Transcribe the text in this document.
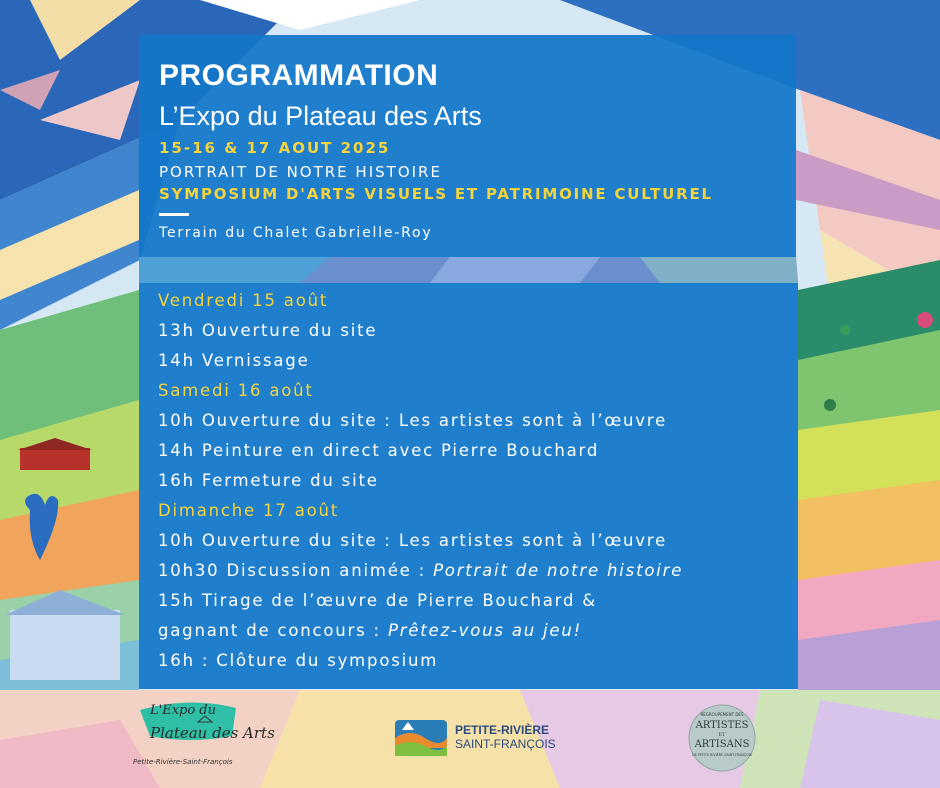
PROGRAMMATION
L’Expo du Plateau des Arts
15-16 & 17 AOUT 2025
PORTRAIT DE NOTRE HISTOIRE
SYMPOSIUM D'ARTS VISUELS ET PATRIMOINE CULTUREL
Terrain du Chalet Gabrielle-Roy
Vendredi 15 août
13h Ouverture du site
14h Vernissage
Samedi 16 août
10h Ouverture du site : Les artistes sont à l’œuvre
14h Peinture en direct avec Pierre Bouchard
16h Fermeture du site
Dimanche 17 août
10h Ouverture du site : Les artistes sont à l’œuvre
10h30 Discussion animée : Portrait de notre histoire
15h Tirage de l’œuvre de Pierre Bouchard &
gagnant de concours : Prêtez-vous au jeu!
16h : Clôture du symposium
L'Expo du
Plateau des Arts
Petite-Rivière-Saint-François
PETITE-RIVIÈRE
SAINT-FRANÇOIS
REGROUPEMENT DES
ARTISTES
ET
ARTISANS
DE PETITE-RIVIÈRE-SAINT-FRANÇOIS
